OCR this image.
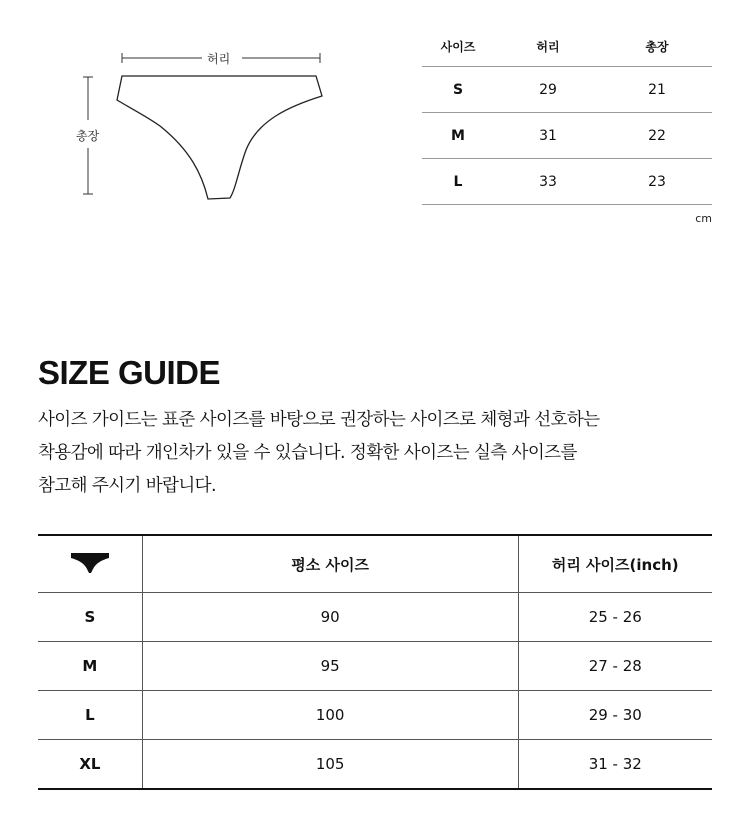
허리
총장
사이즈	허리	총장
S	29	21
M	31	22
L	33	23
cm
SIZE GUIDE
사이즈 가이드는 표준 사이즈를 바탕으로 권장하는 사이즈로 체형과 선호하는
착용감에 따라 개인차가 있을 수 있습니다. 정확한 사이즈는 실측 사이즈를
참고해 주시기 바랍니다.
	평소 사이즈	허리 사이즈(inch)
S	90	25 - 26
M	95	27 - 28
L	100	29 - 30
XL	105	31 - 32
